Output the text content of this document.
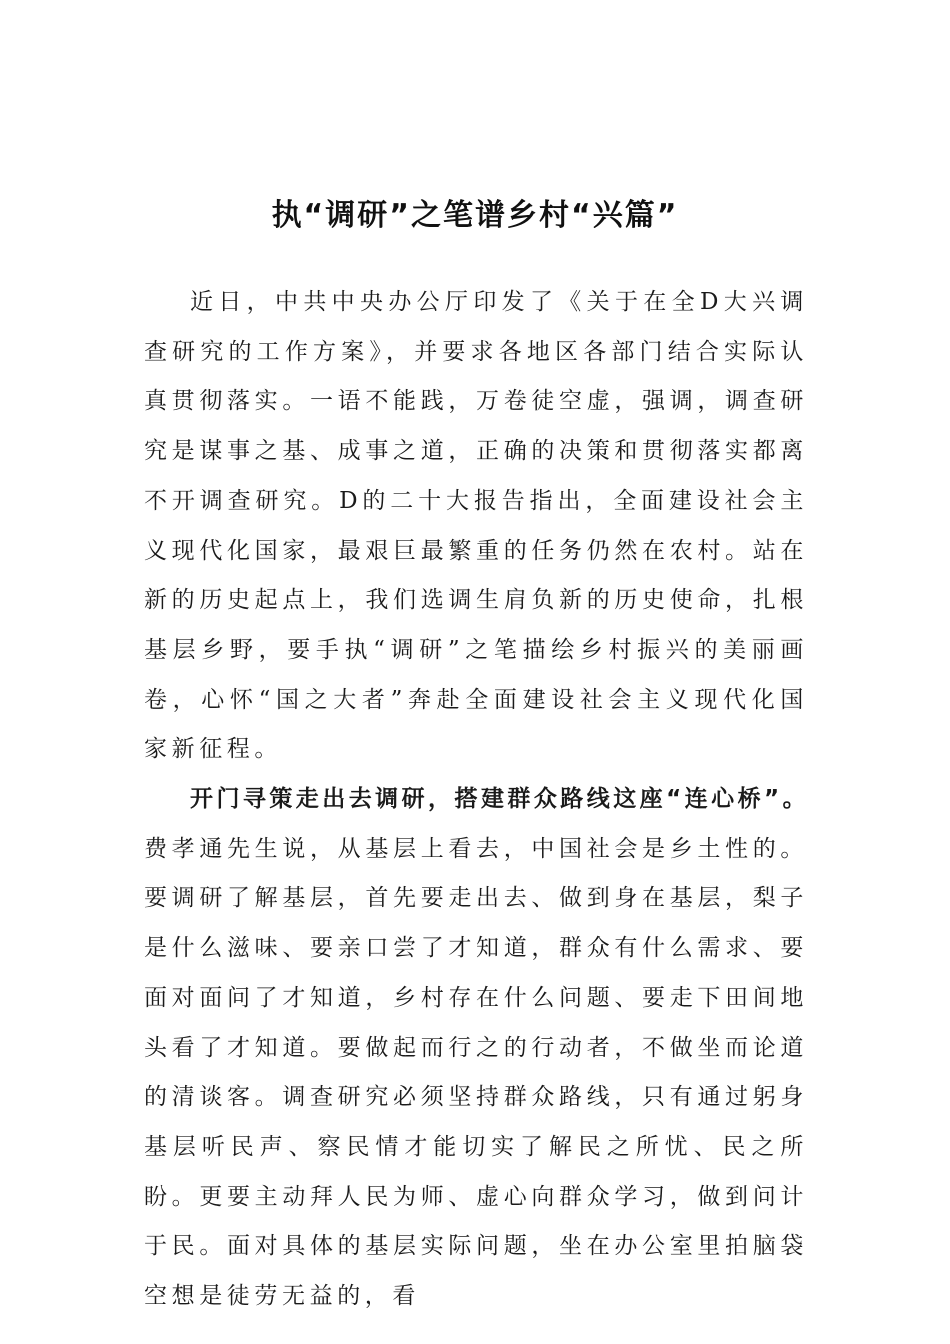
执“调研”之笔谱乡村“兴篇”

近日，中共中央办公厅印发了《关于在全D大兴调查研究的工作方案》，并要求各地区各部门结合实际认真贯彻落实。一语不能践，万卷徒空虚，强调，调查研究是谋事之基、成事之道，正确的决策和贯彻落实都离不开调查研究。D的二十大报告指出，全面建设社会主义现代化国家，最艰巨最繁重的任务仍然在农村。站在新的历史起点上，我们选调生肩负新的历史使命，扎根基层乡野，要手执“调研”之笔描绘乡村振兴的美丽画卷，心怀“国之大者”奔赴全面建设社会主义现代化国家新征程。

开门寻策走出去调研，搭建群众路线这座“连心桥”。费孝通先生说，从基层上看去，中国社会是乡土性的。要调研了解基层，首先要走出去、做到身在基层，梨子是什么滋味、要亲口尝了才知道，群众有什么需求、要面对面问了才知道，乡村存在什么问题、要走下田间地头看了才知道。要做起而行之的行动者，不做坐而论道的清谈客。调查研究必须坚持群众路线，只有通过躬身基层听民声、察民情才能切实了解民之所忧、民之所盼。更要主动拜人民为师、虚心向群众学习，做到问计于民。面对具体的基层实际问题，坐在办公室里拍脑袋空想是徒劳无益的，看
